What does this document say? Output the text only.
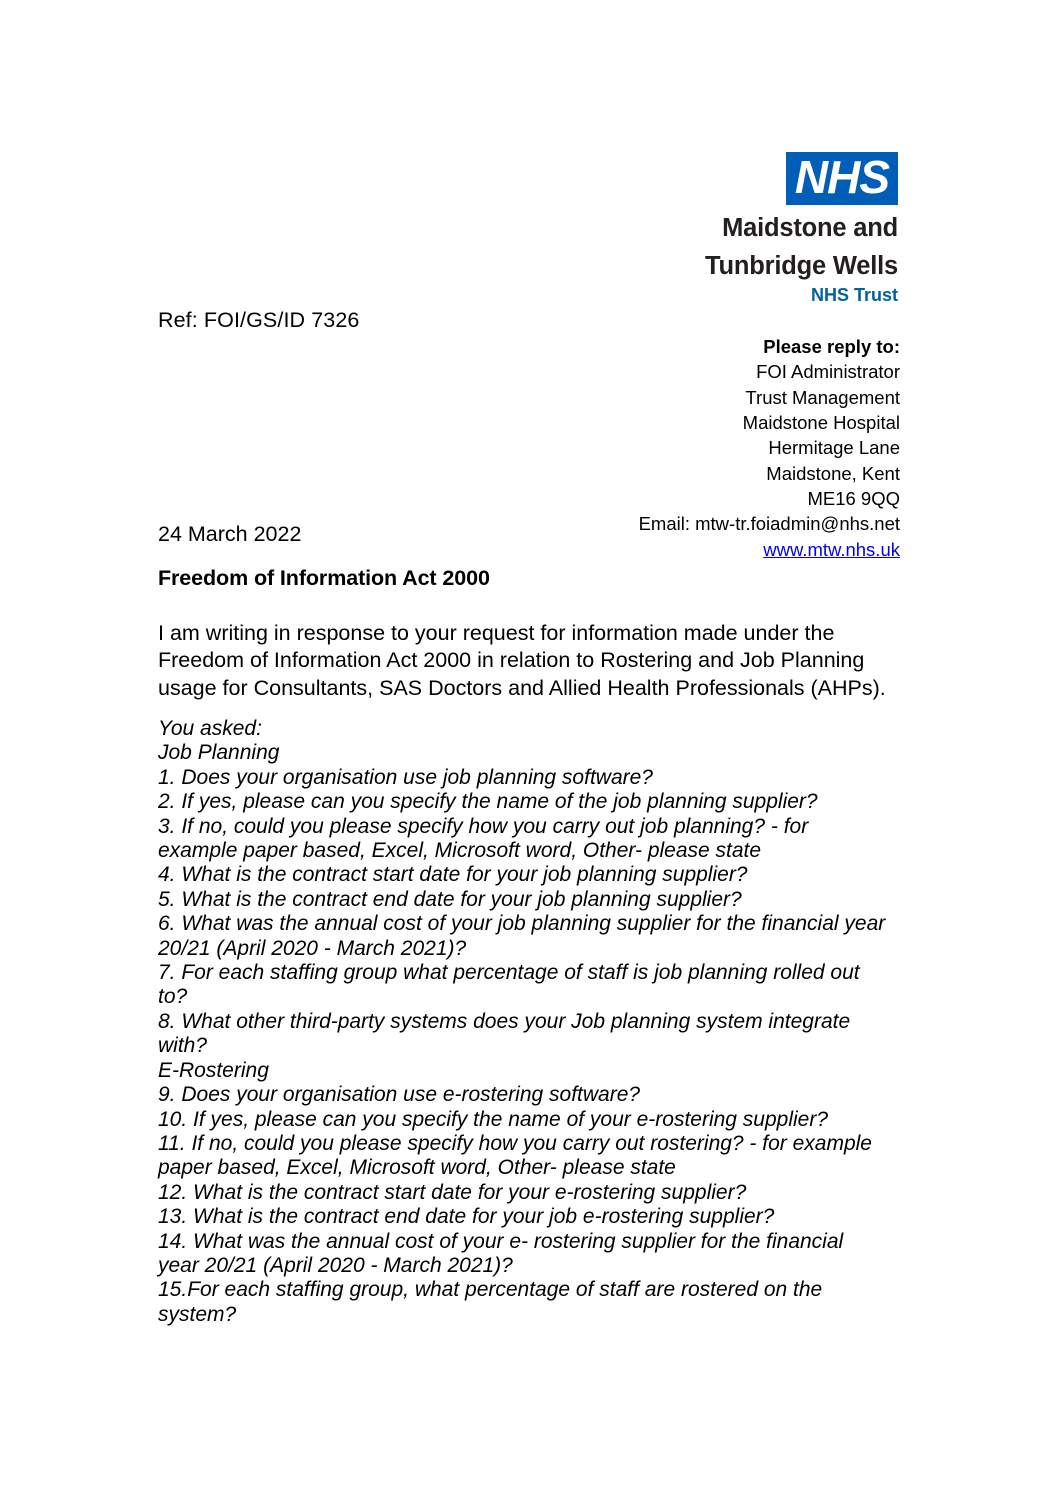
NHS
Maidstone and
Tunbridge Wells
NHS Trust
Ref: FOI/GS/ID 7326
Please reply to:
FOI Administrator
Trust Management
Maidstone Hospital
Hermitage Lane
Maidstone, Kent
ME16 9QQ
Email: mtw-tr.foiadmin@nhs.net
www.mtw.nhs.uk
24 March 2022
Freedom of Information Act 2000
I am writing in response to your request for information made under the
Freedom of Information Act 2000 in relation to Rostering and Job Planning
usage for Consultants, SAS Doctors and Allied Health Professionals (AHPs).
You asked:
Job Planning
1. Does your organisation use job planning software?
2. If yes, please can you specify the name of the job planning supplier?
3. If no, could you please specify how you carry out job planning? - for
example paper based, Excel, Microsoft word, Other- please state
4. What is the contract start date for your job planning supplier?
5. What is the contract end date for your job planning supplier?
6. What was the annual cost of your job planning supplier for the financial year
20/21 (April 2020 - March 2021)?
7. For each staffing group what percentage of staff is job planning rolled out
to?
8. What other third-party systems does your Job planning system integrate
with?
E-Rostering
9. Does your organisation use e-rostering software?
10. If yes, please can you specify the name of your e-rostering supplier?
11. If no, could you please specify how you carry out rostering? - for example
paper based, Excel, Microsoft word, Other- please state
12. What is the contract start date for your e-rostering supplier?
13. What is the contract end date for your job e-rostering supplier?
14. What was the annual cost of your e- rostering supplier for the financial
year 20/21 (April 2020 - March 2021)?
15.For each staffing group, what percentage of staff are rostered on the
system?
